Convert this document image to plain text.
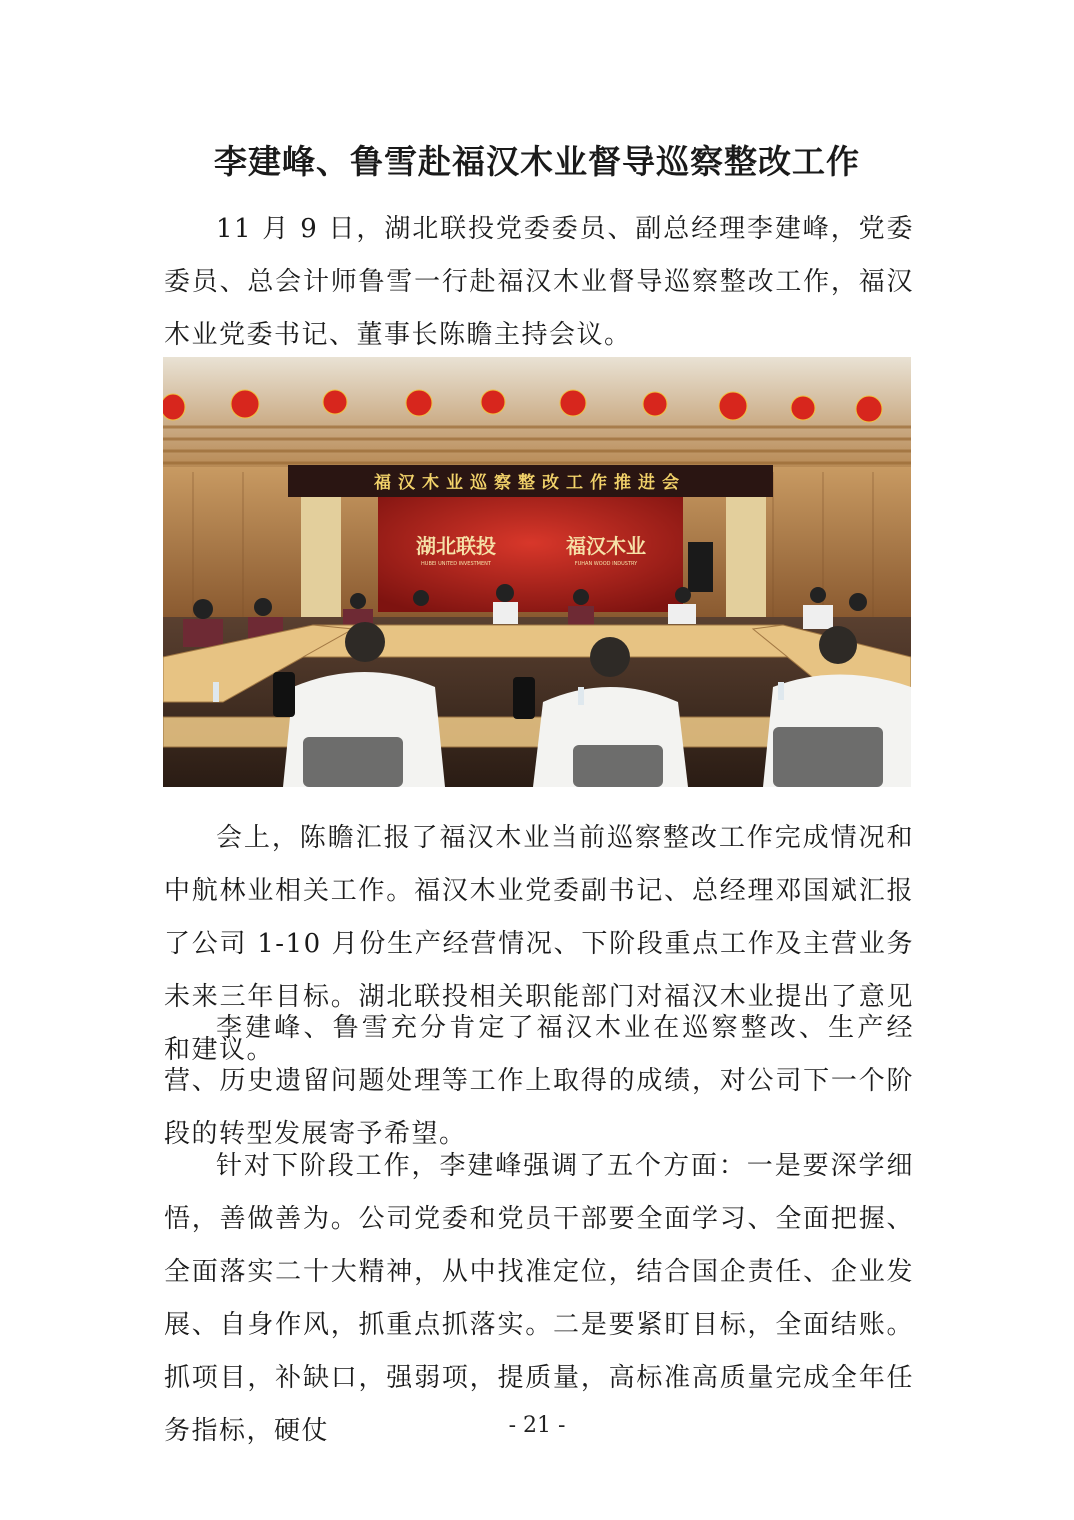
李建峰、鲁雪赴福汉木业督导巡察整改工作

11 月 9 日，湖北联投党委委员、副总经理李建峰，党委委员、总会计师鲁雪一行赴福汉木业督导巡察整改工作，福汉木业党委书记、董事长陈瞻主持会议。

福汉木业巡察整改工作推进会
湖北联投
HUBEI UNITED INVESTMENT
福汉木业
FUHAN WOOD INDUSTRY

会上，陈瞻汇报了福汉木业当前巡察整改工作完成情况和中航林业相关工作。福汉木业党委副书记、总经理邓国斌汇报了公司 1-10 月份生产经营情况、下阶段重点工作及主营业务未来三年目标。湖北联投相关职能部门对福汉木业提出了意见和建议。

李建峰、鲁雪充分肯定了福汉木业在巡察整改、生产经营、历史遗留问题处理等工作上取得的成绩，对公司下一个阶段的转型发展寄予希望。

针对下阶段工作，李建峰强调了五个方面：一是要深学细悟，善做善为。公司党委和党员干部要全面学习、全面把握、全面落实二十大精神，从中找准定位，结合国企责任、企业发展、自身作风，抓重点抓落实。二是要紧盯目标，全面结账。抓项目，补缺口，强弱项，提质量，高标准高质量完成全年任务指标，硬仗	- 21 -
